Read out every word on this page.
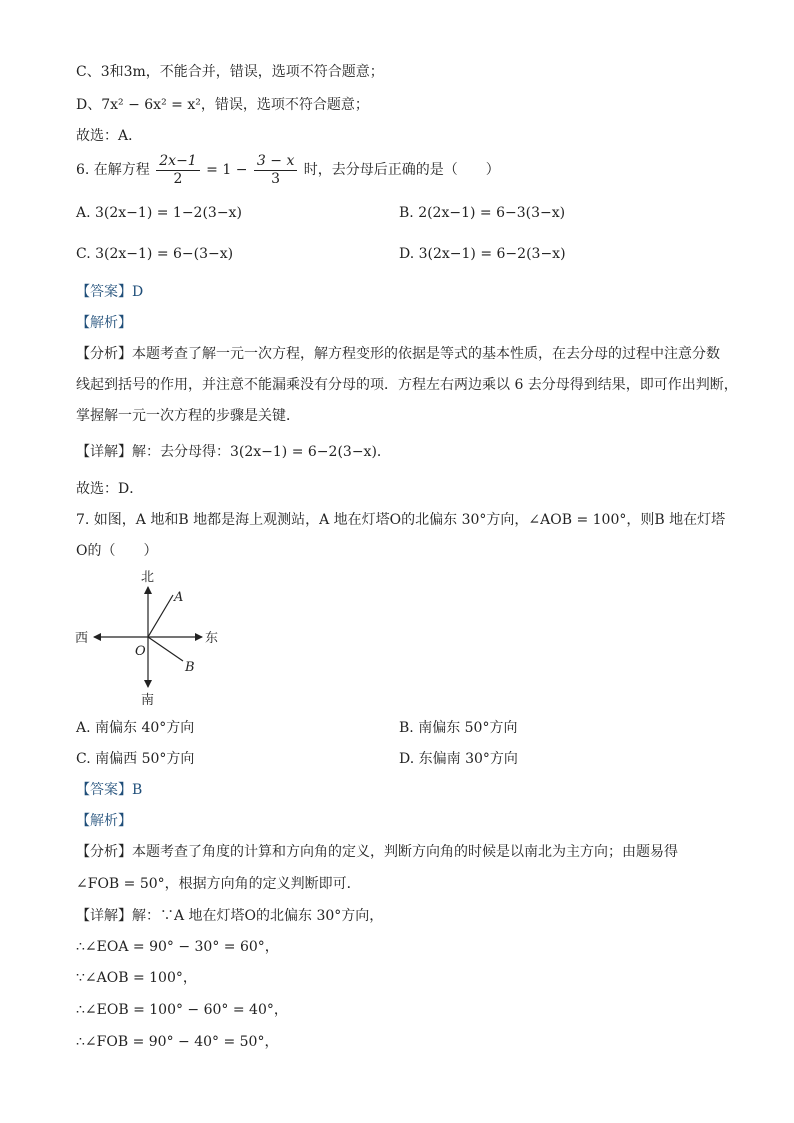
C、3和3m，不能合并，错误，选项不符合题意；
D、7x² − 6x² = x²，错误，选项不符合题意；
故选：A．
6. 在解方程 $\frac{2x-1}{2} = 1 - \frac{3 - x}{3}$ 时，去分母后正确的是（　　）
A. 3(2x−1) = 1−2(3−x)	B. 2(2x−1) = 6−3(3−x)
C. 3(2x−1) = 6−(3−x)	D. 3(2x−1) = 6−2(3−x)
【答案】D
【解析】
【分析】本题考查了解一元一次方程，解方程变形的依据是等式的基本性质，在去分母的过程中注意分数
线起到括号的作用，并注意不能漏乘没有分母的项．方程左右两边乘以 6 去分母得到结果，即可作出判断，
掌握解一元一次方程的步骤是关键．
【详解】解：去分母得：3(2x−1) = 6−2(3−x)．
故选：D．
7. 如图，A 地和B 地都是海上观测站，A 地在灯塔O的北偏东 30°方向，∠AOB = 100°，则B 地在灯塔
O的（　　）
北
南
东
西
A
B
O
A. 南偏东 40°方向	B. 南偏东 50°方向
C. 南偏西 50°方向	D. 东偏南 30°方向
【答案】B
【解析】
【分析】本题考查了角度的计算和方向角的定义，判断方向角的时候是以南北为主方向；由题易得
∠FOB = 50°，根据方向角的定义判断即可．
【详解】解：∵A 地在灯塔O的北偏东 30°方向，
∴∠EOA = 90° − 30° = 60°，
∵∠AOB = 100°，
∴∠EOB = 100° − 60° = 40°，
∴∠FOB = 90° − 40° = 50°，
